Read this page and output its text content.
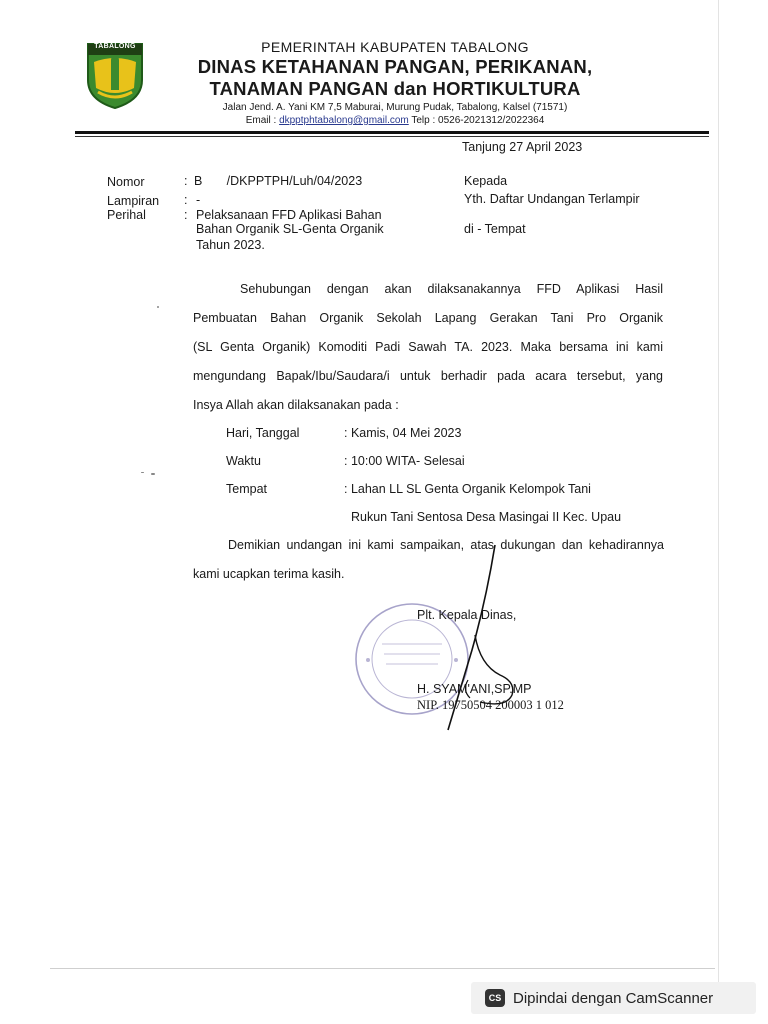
TABALONG	PEMERINTAH KABUPATEN TABALONG
DINAS KETAHANAN PANGAN, PERIKANAN,
TANAMAN PANGAN dan HORTIKULTURA
Jalan Jend. A. Yani KM 7,5 Maburai, Murung Pudak, Tabalong, Kalsel (71571)
Email : dkpptphtabalong@gmail.com Telp : 0526-2021312/2022364
Tanjung 27 April 2023
Nomor	: B       /DKPPTPH/Luh/04/2023
Lampiran : -
Perihal	: Pelaksanaan FFD Aplikasi Bahan
Bahan Organik SL-Genta Organik
Tahun 2023.
Kepada
Yth. Daftar Undangan Terlampir
di - Tempat
Sehubungan dengan akan dilaksanakannya FFD Aplikasi Hasil
Pembuatan Bahan Organik Sekolah Lapang Gerakan Tani Pro Organik
(SL Genta Organik) Komoditi Padi Sawah TA. 2023. Maka bersama ini kami
mengundang Bapak/Ibu/Saudara/i untuk berhadir pada acara tersebut, yang
Insya Allah akan dilaksanakan pada :
Hari, Tanggal	: Kamis, 04 Mei 2023
Waktu	: 10:00 WITA- Selesai
Tempat	: Lahan LL SL Genta Organik Kelompok Tani
Rukun Tani Sentosa Desa Masingai II Kec. Upau
Demikian undangan ini kami sampaikan, atas dukungan dan kehadirannya
kami ucapkan terima kasih.
Plt. Kepala Dinas,
H. SYAM'ANI,SP.MP
NIP. 19750504 200003 1 012
CS Dipindai dengan CamScanner
